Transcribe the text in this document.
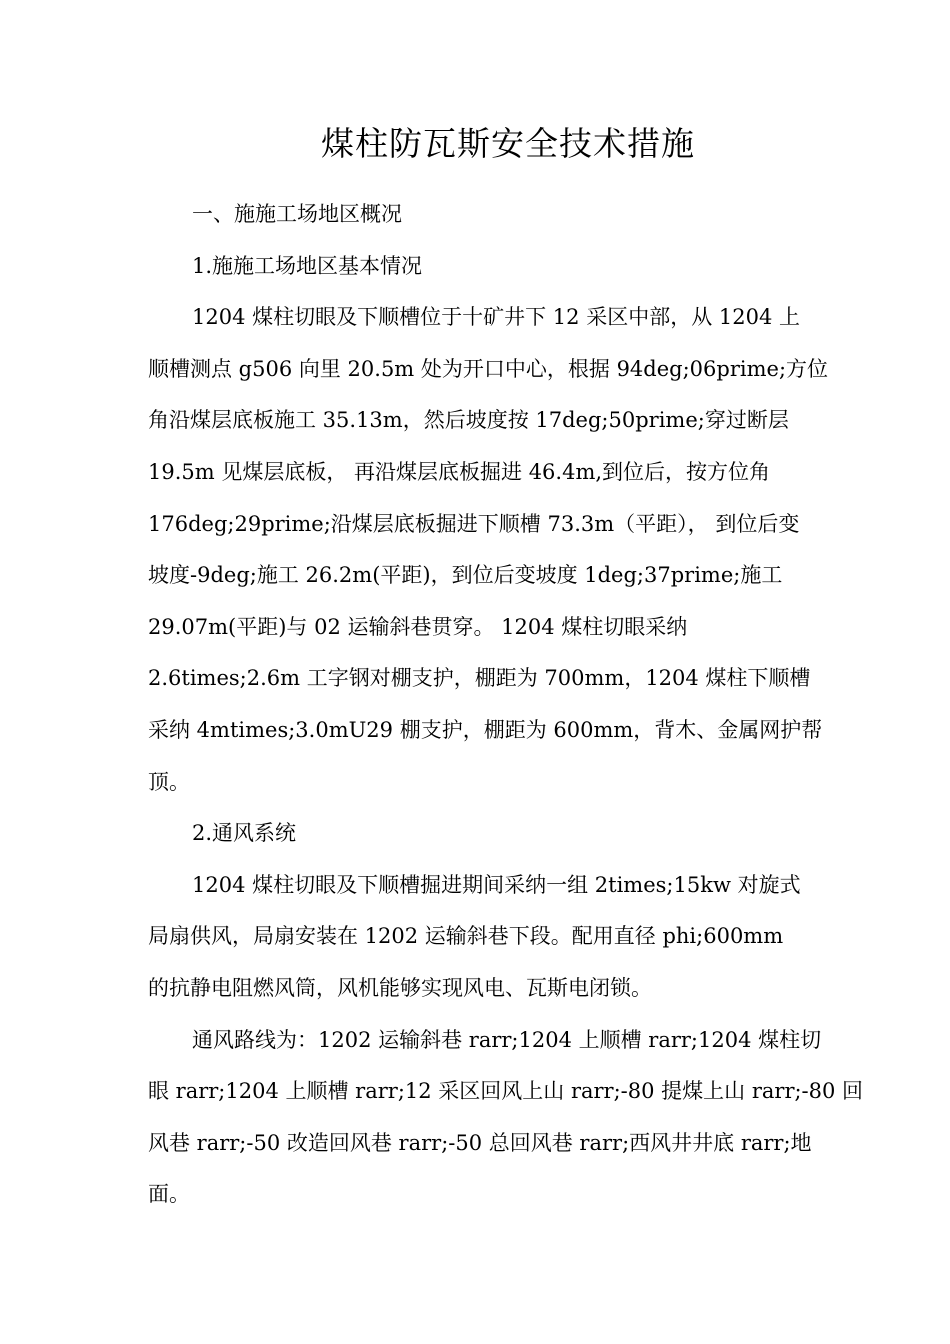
煤柱防瓦斯安全技术措施
一、施施工场地区概况
1.施施工场地区基本情况
1204 煤柱切眼及下顺槽位于十矿井下 12 采区中部，从 1204 上
顺槽测点 g506 向里 20.5m 处为开口中心，根据 94deg;06prime;方位
角沿煤层底板施工 35.13m，然后坡度按 17deg;50prime;穿过断层
19.5m 见煤层底板， 再沿煤层底板掘进 46.4m,到位后，按方位角
176deg;29prime;沿煤层底板掘进下顺槽 73.3m（平距）， 到位后变
坡度-9deg;施工 26.2m(平距)，到位后变坡度 1deg;37prime;施工
29.07m(平距)与 02 运输斜巷贯穿。 1204 煤柱切眼采纳
2.6times;2.6m 工字钢对棚支护，棚距为 700mm，1204 煤柱下顺槽
采纳 4mtimes;3.0mU29 棚支护，棚距为 600mm，背木、金属网护帮
顶。
2.通风系统
1204 煤柱切眼及下顺槽掘进期间采纳一组 2times;15kw 对旋式
局扇供风，局扇安装在 1202 运输斜巷下段。配用直径 phi;600mm
的抗静电阻燃风筒，风机能够实现风电、瓦斯电闭锁。
通风路线为：1202 运输斜巷 rarr;1204 上顺槽 rarr;1204 煤柱切
眼 rarr;1204 上顺槽 rarr;12 采区回风上山 rarr;-80 提煤上山 rarr;-80 回
风巷 rarr;-50 改造回风巷 rarr;-50 总回风巷 rarr;西风井井底 rarr;地
面。
